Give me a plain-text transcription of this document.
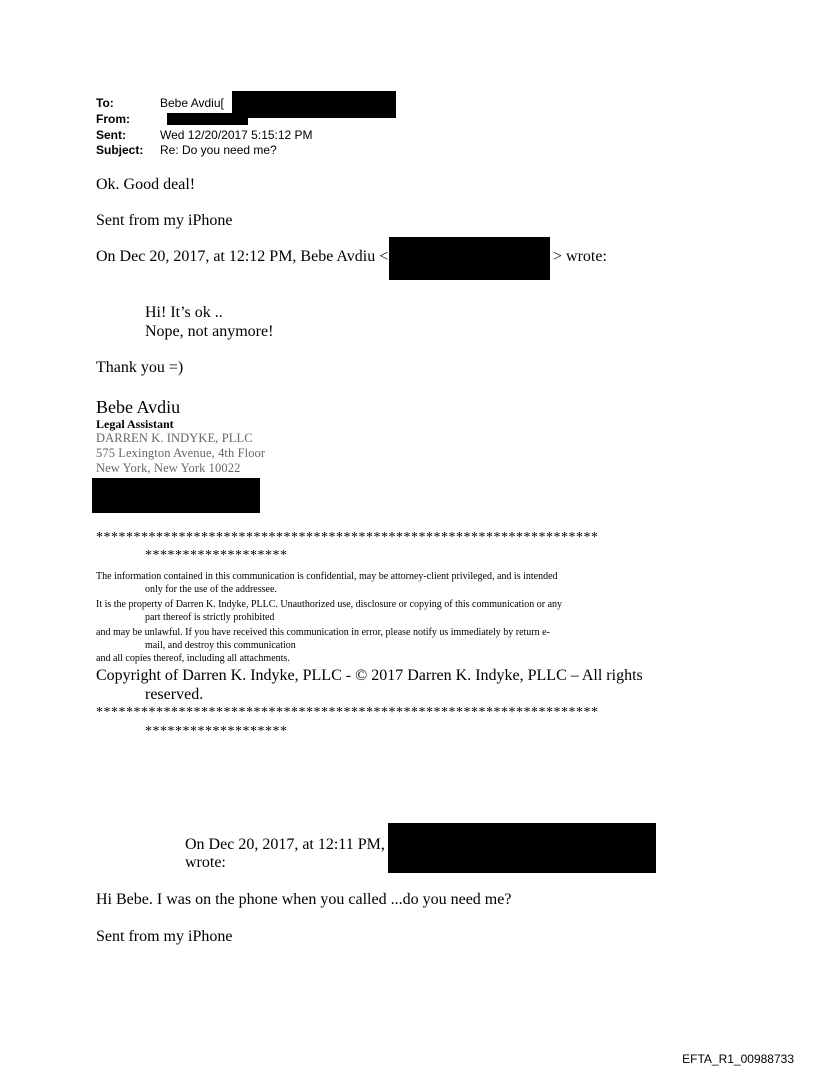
To:	Bebe Avdiu[
From:
Sent:	Wed 12/20/2017 5:15:12 PM
Subject: Re: Do you need me?
Ok. Good deal!
Sent from my iPhone
On Dec 20, 2017, at 12:12 PM, Bebe Avdiu <	> wrote:
Hi! It’s ok ..
Nope, not anymore!
Thank you =)
Bebe Avdiu
Legal Assistant
DARREN K. INDYKE, PLLC
575 Lexington Avenue, 4th Floor
New York, New York 10022
*******************************************************************
*******************
The information contained in this communication is confidential, may be attorney-client privileged, and is intended
only for the use of the addressee.
It is the property of Darren K. Indyke, PLLC. Unauthorized use, disclosure or copying of this communication or any
part thereof is strictly prohibited
and may be unlawful. If you have received this communication in error, please notify us immediately by return e-
mail, and destroy this communication
and all copies thereof, including all attachments.
Copyright of Darren K. Indyke, PLLC - © 2017 Darren K. Indyke, PLLC – All rights
reserved.
*******************************************************************
*******************
On Dec 20, 2017, at 12:11 PM,
wrote:
Hi Bebe. I was on the phone when you called ...do you need me?
Sent from my iPhone
EFTA_R1_00988733
